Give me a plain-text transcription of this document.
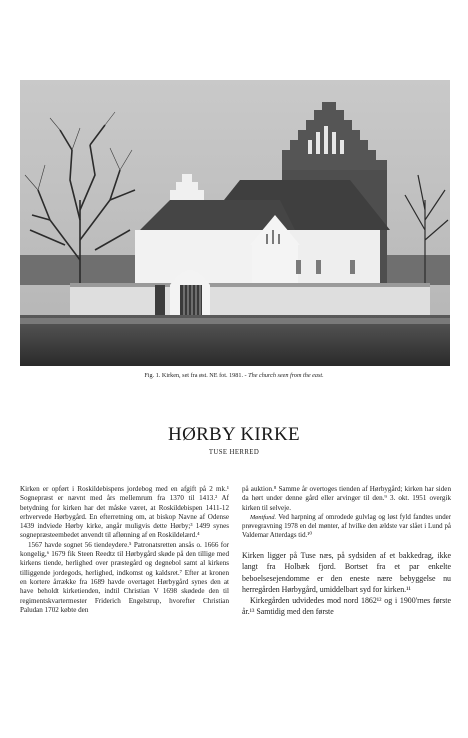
Fig. 1. Kirken, set fra øst. NE fot. 1981. - The church seen from the east.
HØRBY KIRKE
TUSE HERRED

Kirken er opført i Roskildebispens jordebog med en afgift på 2 mk.¹ Sognepræst er nævnt med års mellemrum fra 1370 til 1413.² Af betydning for kirken har det måske været, at Roskildebispen 1411-12 erhvervede Hørbygård. En efterretning om, at biskop Navne af Odense 1439 indviede Hørby kirke, angår muligvis dette Hørby;³ 1499 synes sognepræsteembedet anvendt til aflønning af en Roskildelærd.⁴

1567 havde sognet 56 tiendeydere.⁵ Patronatsretten ansås o. 1666 for kongelig,⁶ 1679 fik Steen Reedtz til Hørbygård skøde på den tillige med kirkens tiende, herlighed over præstegård og degnebol samt al kirkens tilliggende jordegods, herlighed, indkomst og kaldsret.⁷ Efter at kronen en kortere årrække fra 1689 havde overtaget Hørbygård synes den at have beholdt kirketienden, indtil Christian V 1698 skødede den til regimentskvartermester Friderich Engelstrup, hvorefter Christian Paludan 1702 købte den

på auktion.⁸ Samme år overtoges tienden af Hørbygård; kirken har siden da hørt under denne gård eller arvinger til den.⁹ 3. okt. 1951 overgik kirken til selveje.

Møntfund. Ved harpning af omrodede gulvlag og løst fyld fandtes under prøvegravning 1978 en del mønter, af hvilke den ældste var slået i Lund på Valdemar Atterdags tid.¹⁰

Kirken ligger på Tuse næs, på sydsiden af et bakkedrag, ikke langt fra Holbæk fjord. Bortset fra et par enkelte beboelsesejendomme er den eneste nære bebyggelse nu herregården Hørbygård, umiddelbart syd for kirken.¹¹

Kirkegården udvidedes mod nord 1862¹² og i 1900'rnes første år.¹³ Samtidig med den første
